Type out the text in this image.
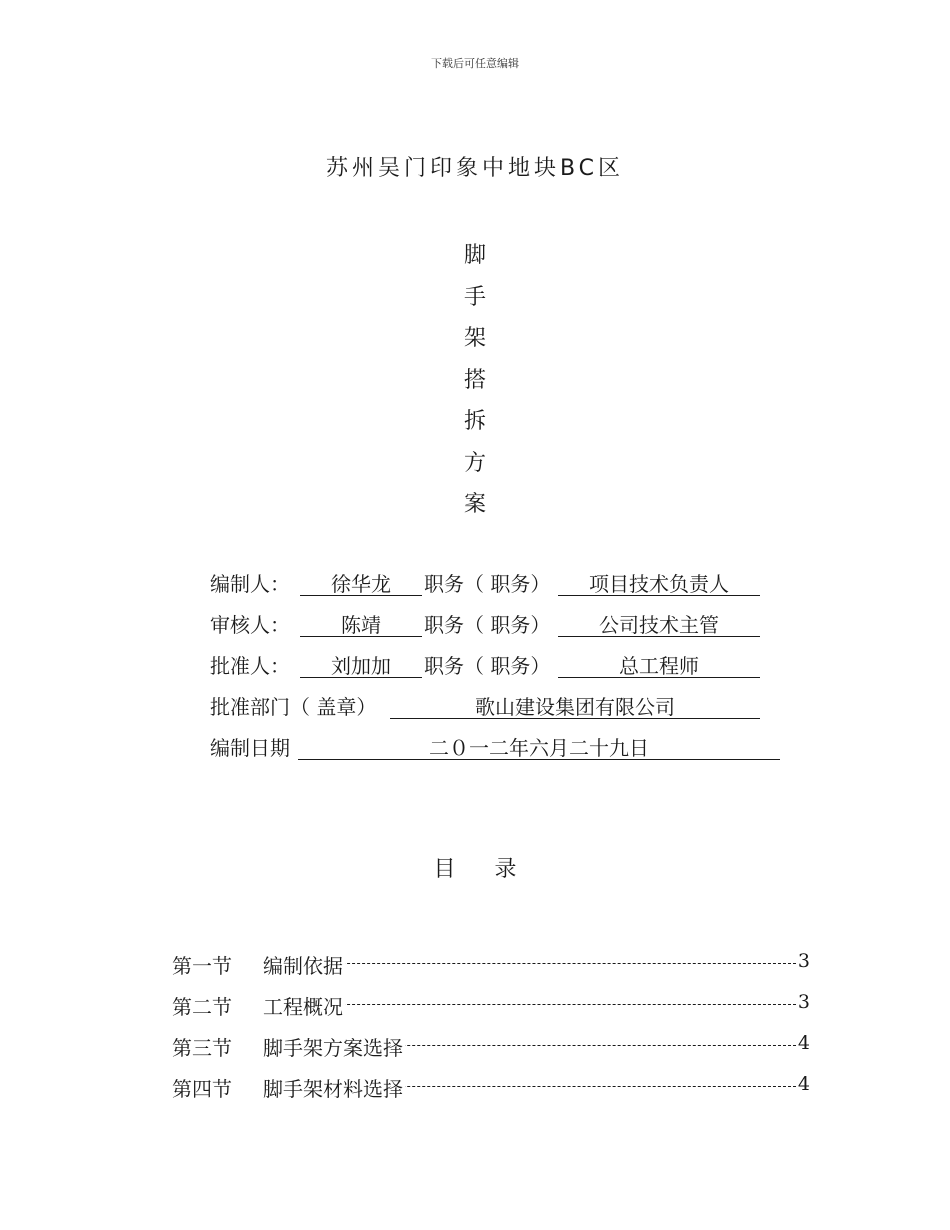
下载后可任意编辑
苏州吴门印象中地块BC区
脚
手
架
搭
拆
方
案
编制人：	徐华龙	职务（ 职务）	项目技术负责人
审核人：	陈靖	职务（ 职务）	公司技术主管
批准人：	刘加加	职务（ 职务）	总工程师
批准部门（ 盖章）	歌山建设集团有限公司
编制日期	二０一二年六月二十九日
目 录
第一节 编制依据	3
第二节 工程概况	3
第三节 脚手架方案选择	4
第四节 脚手架材料选择	4
